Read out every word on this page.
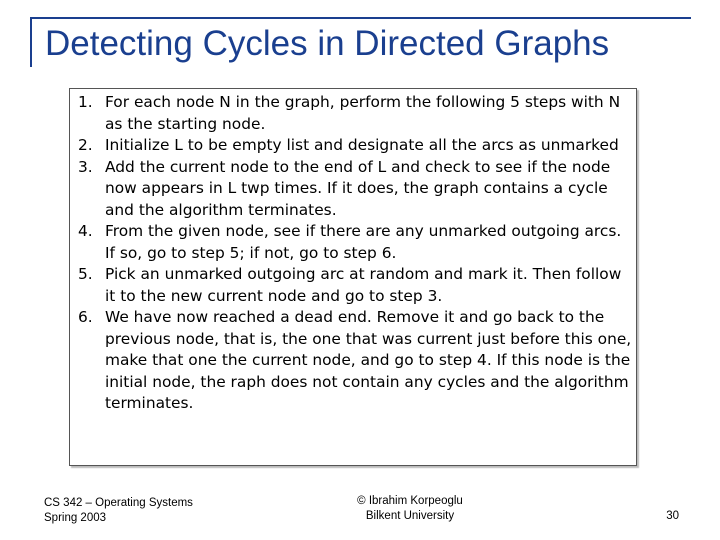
Detecting Cycles in Directed Graphs
1. For each node N in the graph, perform the following 5 steps with N as the starting node.
2. Initialize L to be empty list and designate all the arcs as unmarked
3. Add the current node to the end of L and check to see if the node now appears in L twp times. If it does, the graph contains a cycle and the algorithm terminates.
4. From the given node, see if there are any unmarked outgoing arcs. If so, go to step 5; if not, go to step 6.
5. Pick an unmarked outgoing arc at random and mark it. Then follow it to the new current node and go to step 3.
6. We have now reached a dead end. Remove it and go back to the previous node, that is, the one that was current just before this one, make that one the current node, and go to step 4. If this node is the initial node, the raph does not contain any cycles and the algorithm terminates.
CS 342 – Operating Systems
Spring 2003
© Ibrahim Korpeoglu
Bilkent University	30
